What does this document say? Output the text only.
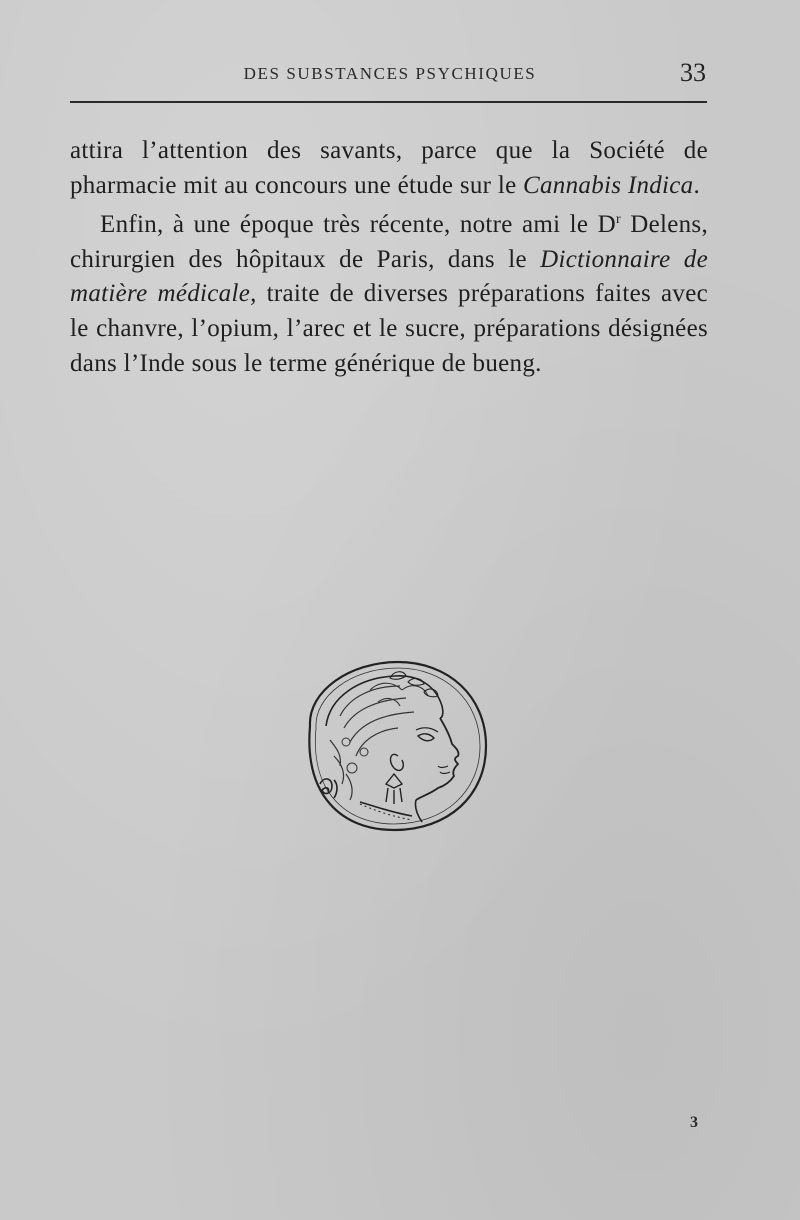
DES SUBSTANCES PSYCHIQUES	33

attira l’attention des savants, parce que la Société de pharmacie mit au concours une étude sur le Cannabis Indica.

Enfin, à une époque très récente, notre ami le $D^r$ Delens, chirurgien des hôpitaux de Paris, dans le Dictionnaire de matière médicale, traite de diverses préparations faites avec le chanvre, l’opium, l’arec et le sucre, préparations désignées dans l’Inde sous le terme générique de bueng.

3
